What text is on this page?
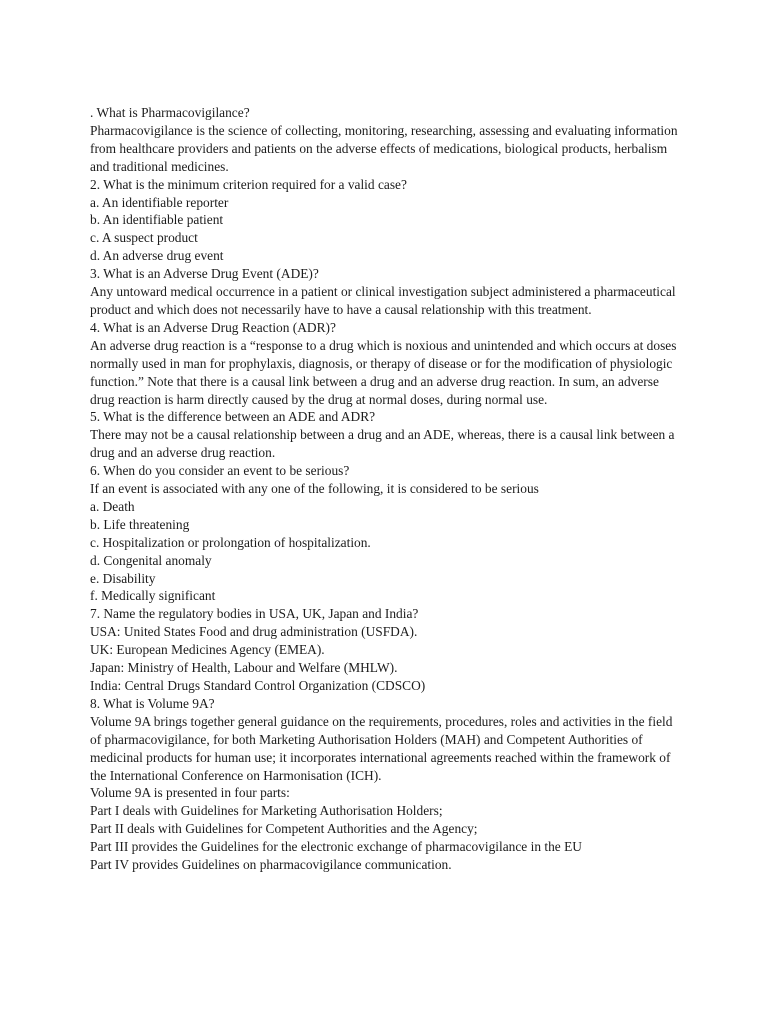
. What is Pharmacovigilance?
Pharmacovigilance is the science of collecting, monitoring, researching, assessing and evaluating information from healthcare providers and patients on the adverse effects of medications, biological products, herbalism and traditional medicines.
2. What is the minimum criterion required for a valid case?
a. An identifiable reporter
b. An identifiable patient
c. A suspect product
d. An adverse drug event
3. What is an Adverse Drug Event (ADE)?
Any untoward medical occurrence in a patient or clinical investigation subject administered a pharmaceutical product and which does not necessarily have to have a causal relationship with this treatment.
4. What is an Adverse Drug Reaction (ADR)?
An adverse drug reaction is a “response to a drug which is noxious and unintended and which occurs at doses normally used in man for prophylaxis, diagnosis, or therapy of disease or for the modification of physiologic function.” Note that there is a causal link between a drug and an adverse drug reaction. In sum, an adverse drug reaction is harm directly caused by the drug at normal doses, during normal use.
5. What is the difference between an ADE and ADR?
There may not be a causal relationship between a drug and an ADE, whereas, there is a causal link between a drug and an adverse drug reaction.
6. When do you consider an event to be serious?
If an event is associated with any one of the following, it is considered to be serious
a. Death
b. Life threatening
c. Hospitalization or prolongation of hospitalization.
d. Congenital anomaly
e. Disability
f. Medically significant
7. Name the regulatory bodies in USA, UK, Japan and India?
USA: United States Food and drug administration (USFDA).
UK: European Medicines Agency (EMEA).
Japan: Ministry of Health, Labour and Welfare (MHLW).
India: Central Drugs Standard Control Organization (CDSCO)
8. What is Volume 9A?
Volume 9A brings together general guidance on the requirements, procedures, roles and activities in the field of pharmacovigilance, for both Marketing Authorisation Holders (MAH) and Competent Authorities of medicinal products for human use; it incorporates international agreements reached within the framework of the International Conference on Harmonisation (ICH).
Volume 9A is presented in four parts:
Part I deals with Guidelines for Marketing Authorisation Holders;
Part II deals with Guidelines for Competent Authorities and the Agency;
Part III provides the Guidelines for the electronic exchange of pharmacovigilance in the EU
Part IV provides Guidelines on pharmacovigilance communication.
